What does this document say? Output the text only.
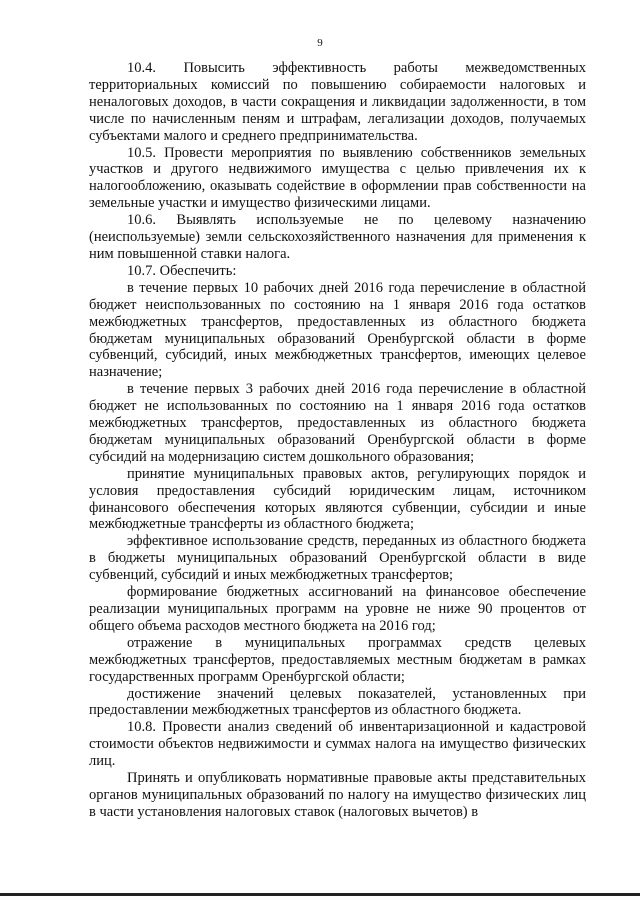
9

10.4. Повысить эффективность работы межведомственных территориальных комиссий по повышению собираемости налоговых и неналоговых доходов, в части сокращения и ликвидации задолженности, в том числе по начисленным пеням и штрафам, легализации доходов, получаемых субъектами малого и среднего предпринимательства.

10.5. Провести мероприятия по выявлению собственников земельных участков и другого недвижимого имущества с целью привлечения их к налогообложению, оказывать содействие в оформлении прав собственности на земельные участки и имущество физическими лицами.

10.6. Выявлять используемые не по целевому назначению (неиспользуемые) земли сельскохозяйственного назначения для применения к ним повышенной ставки налога.

10.7. Обеспечить:

в течение первых 10 рабочих дней 2016 года перечисление в областной бюджет неиспользованных по состоянию на 1 января 2016 года остатков межбюджетных трансфертов, предоставленных из областного бюджета бюджетам муниципальных образований Оренбургской области в форме субвенций, субсидий, иных межбюджетных трансфертов, имеющих целевое назначение;

в течение первых 3 рабочих дней 2016 года перечисление в областной бюджет не использованных по состоянию на 1 января 2016 года остатков межбюджетных трансфертов, предоставленных из областного бюджета бюджетам муниципальных образований Оренбургской области в форме субсидий на модернизацию систем дошкольного образования;

принятие муниципальных правовых актов, регулирующих порядок и условия предоставления субсидий юридическим лицам, источником финансового обеспечения которых являются субвенции, субсидии и иные межбюджетные трансферты из областного бюджета;

эффективное использование средств, переданных из областного бюджета в бюджеты муниципальных образований Оренбургской области в виде субвенций, субсидий и иных межбюджетных трансфертов;

формирование бюджетных ассигнований на финансовое обеспечение реализации муниципальных программ на уровне не ниже 90 процентов от общего объема расходов местного бюджета на 2016 год;

отражение в муниципальных программах средств целевых межбюджетных трансфертов, предоставляемых местным бюджетам в рамках государственных программ Оренбургской области;

достижение значений целевых показателей, установленных при предоставлении межбюджетных трансфертов из областного бюджета.

10.8. Провести анализ сведений об инвентаризационной и кадастровой стоимости объектов недвижимости и суммах налога на имущество физических лиц.

Принять и опубликовать нормативные правовые акты представительных органов муниципальных образований по налогу на имущество физических лиц в части установления налоговых ставок (налоговых вычетов) в
